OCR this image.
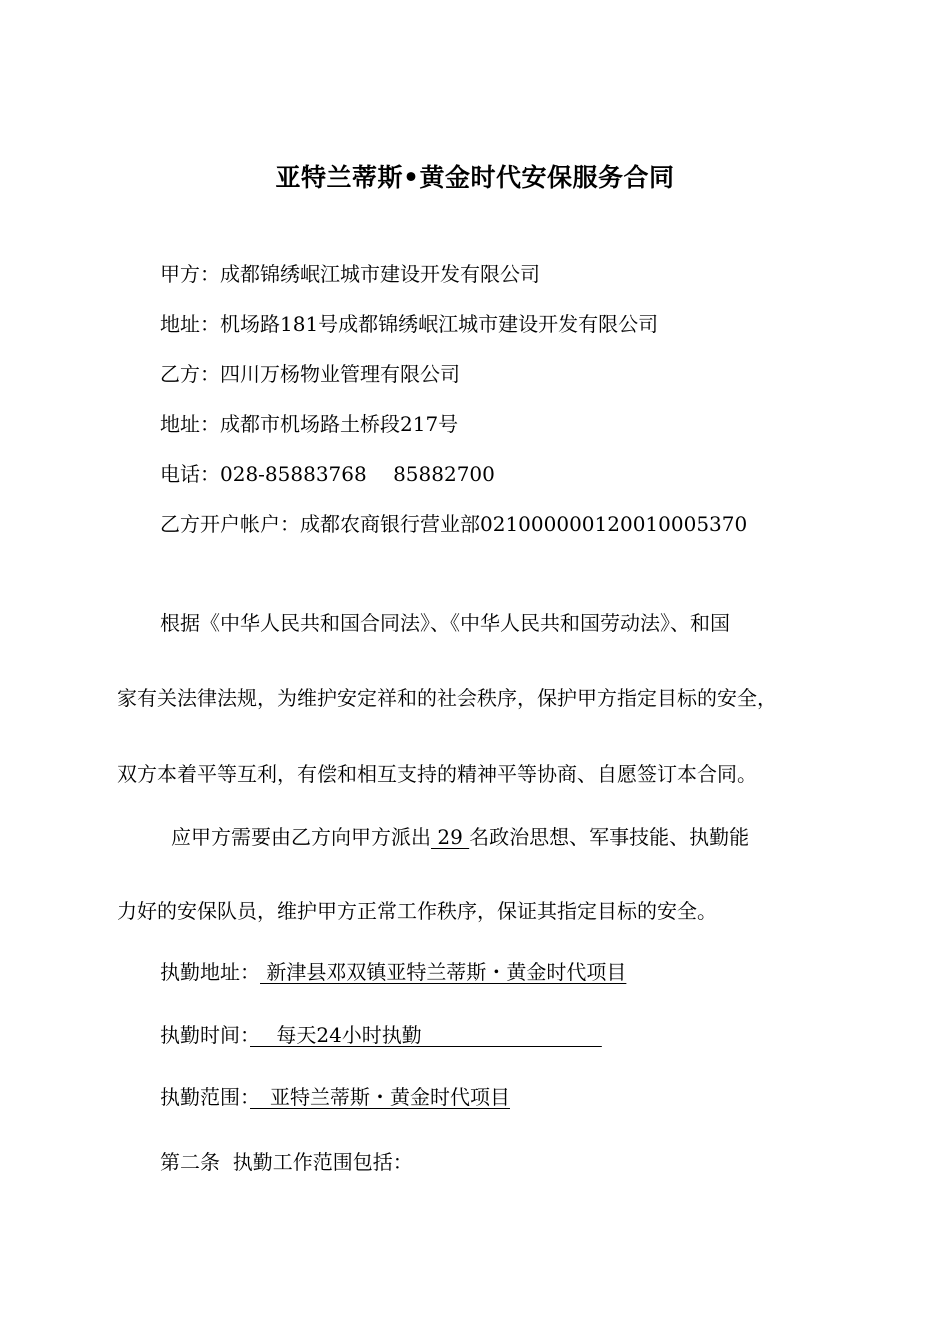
亚特兰蒂斯•黄金时代安保服务合同
甲方：成都锦绣岷江城市建设开发有限公司
地址：机场路181号成都锦绣岷江城市建设开发有限公司
乙方：四川万杨物业管理有限公司
地址：成都市机场路土桥段217号
电话：028-85883768　 85882700
乙方开户帐户：成都农商银行营业部021000000120010005370
根据《中华人民共和国合同法》、《中华人民共和国劳动法》、和国
家有关法律法规，为维护安定祥和的社会秩序，保护甲方指定目标的安全，
双方本着平等互利，有偿和相互支持的精神平等协商、自愿签订本合同。
应甲方需要由乙方向甲方派出 29 名政治思想、军事技能、执勤能
力好的安保队员，维护甲方正常工作秩序，保证其指定目标的安全。
执勤地址： 新津县邓双镇亚特兰蒂斯・黄金时代项目
执勤时间：　 每天24小时执勤　　　　　　　　　
执勤范围：　亚特兰蒂斯・黄金时代项目
第二条  执勤工作范围包括：
